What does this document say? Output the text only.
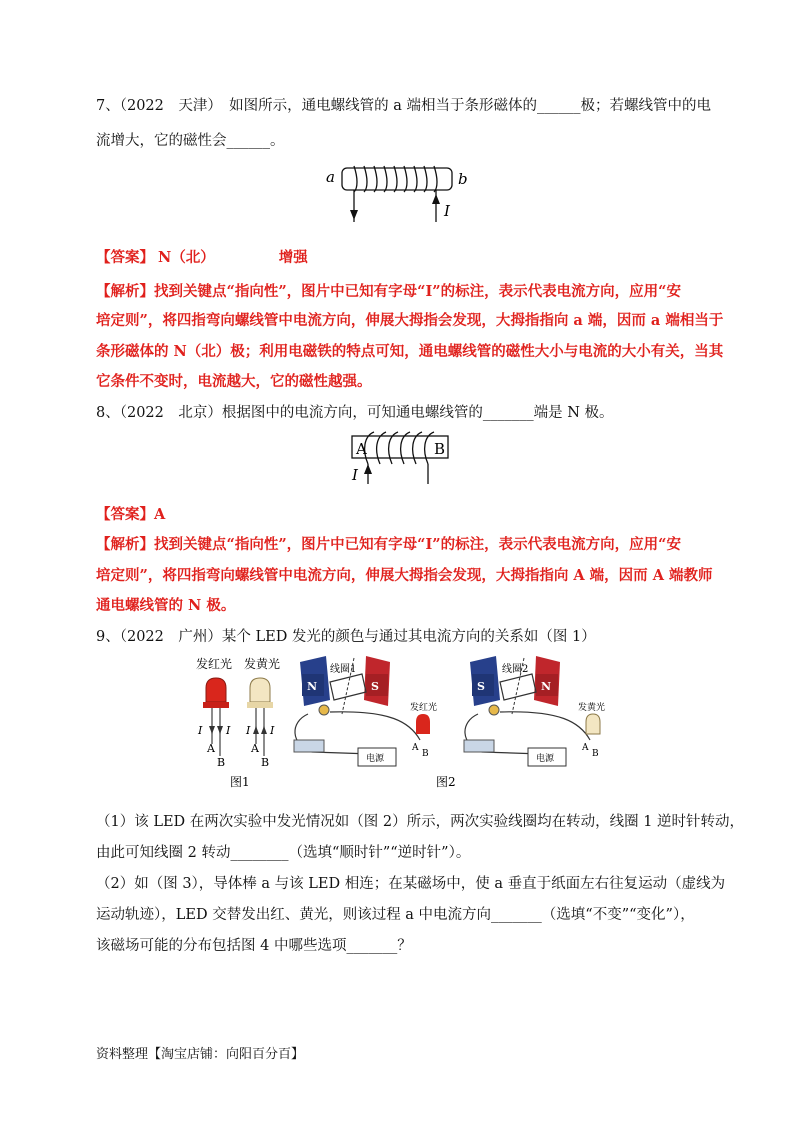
7、（2022　天津）　如图所示，通电螺线管的 a 端相当于条形磁体的______极；若螺线管中的电
流增大，它的磁性会______。
a	b
I
【答案】 N（北）	增强
【解析】找到关键点“指向性”，图片中已知有字母“I”的标注，表示代表电流方向，应用“安
培定则”，将四指弯向螺线管中电流方向，伸展大拇指会发现，大拇指指向 a 端，因而 a 端相当于
条形磁体的 N（北）极；利用电磁铁的特点可知，通电螺线管的磁性大小与电流的大小有关，当其
它条件不变时，电流越大，它的磁性越强。
8、（2022　北京）根据图中的电流方向，可知通电螺线管的_______端是 N 极。
A	B
I
【答案】A
【解析】找到关键点“指向性”，图片中已知有字母“I”的标注，表示代表电流方向，应用“安
培定则”，将四指弯向螺线管中电流方向，伸展大拇指会发现，大拇指指向 A 端，因而 A 端教师
通电螺线管的 N 极。
9、（2022　广州）某个 LED 发光的颜色与通过其电流方向的关系如（图 1）
发红光 发黄光
I I I I
A
B
A
B
图1
N	S
线圈1
电源
发红光
A
B
S	N
线圈2
电源
发黄光
A
B
图2
（1）该 LED 在两次实验中发光情况如（图 2）所示，两次实验线圈均在转动，线圈 1 逆时针转动，
由此可知线圈 2 转动________（选填“顺时针”“逆时针”）。
（2）如（图 3），导体棒 a 与该 LED 相连；在某磁场中，使 a 垂直于纸面左右往复运动（虚线为
运动轨迹），LED 交替发出红、黄光，则该过程 a 中电流方向_______（选填“不变”“变化”），
该磁场可能的分布包括图 4 中哪些选项_______？
资料整理【淘宝店铺：向阳百分百】
